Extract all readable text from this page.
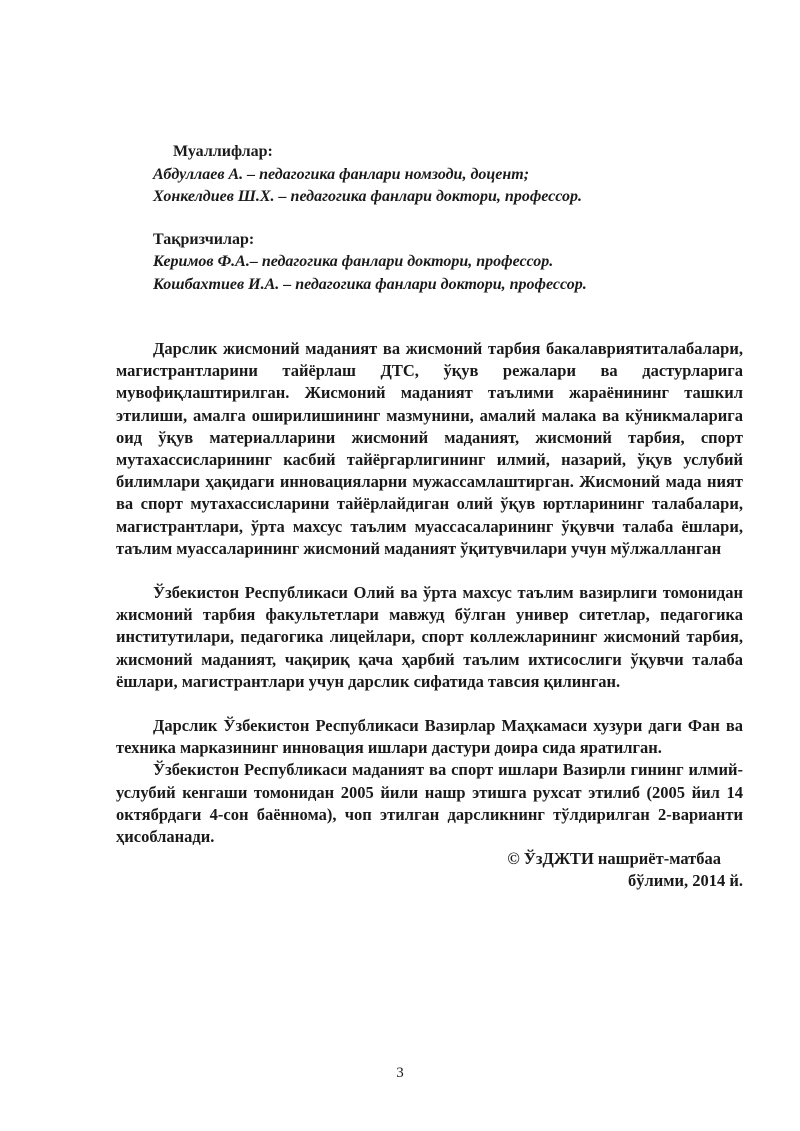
Муаллифлар:
Абдуллаев А. – педагогика фанлари номзоди, доцент;
Хонкелдиев Ш.Х. – педагогика фанлари доктори, профессор.
Тақризчилар:
Керимов Ф.А.– педагогика фанлари доктори, профессор.
Кошбахтиев И.А. – педагогика фанлари доктори, профессор.

Дарслик жисмоний маданият ва жисмоний тарбия бакалавриятиталабалари, магистрантларини тайёрлаш ДТС, ўқув режалари ва дастурларига мувофиқлаштирилган. Жисмоний маданият таълими жараёнининг ташкил этилиши, амалга оширилишининг мазмунини, амалий малака ва кўникмаларига оид ўқув материалларини жисмоний маданият, жисмоний тарбия, спорт мутахассисларининг касбий тайёргарлигининг илмий, назарий, ўқув услубий билимлари ҳақидаги инновацияларни мужассамлаштирган. Жисмоний мада ният ва спорт мутахассисларини тайёрлайдиган олий ўқув юртларининг талабалари, магистрантлари, ўрта махсус таълим муассасаларининг ўқувчи талаба ёшлари, таълим муассаларининг жисмоний маданият ўқитувчилари учун мўлжалланган

Ўзбекистон Республикаси Олий ва ўрта махсус таълим вазирлиги томонидан жисмоний тарбия факультетлари мавжуд бўлган универ ситетлар, педагогика институтилари, педагогика лицейлари, спорт коллежларининг жисмоний тарбия, жисмоний маданият, чақириқ қача ҳарбий таълим ихтисослиги ўқувчи талаба ёшлари, магистрантлари учун дарслик сифатида тавсия қилинган.

Дарслик Ўзбекистон Республикаси Вазирлар Маҳкамаси хузури даги Фан ва техника марказининг инновация ишлари дастури доира сида яратилган.

Ўзбекистон Республикаси маданият ва спорт ишлари Вазирли гининг илмий-услубий кенгаши томонидан 2005 йили нашр этишга рухсат этилиб (2005 йил 14 октябрдаги 4-сон баённома), чоп этилган дарсликнинг тўлдирилган 2-варианти ҳисобланади.

© ЎзДЖТИ нашриёт-матбаа
бўлими, 2014 й.
3
